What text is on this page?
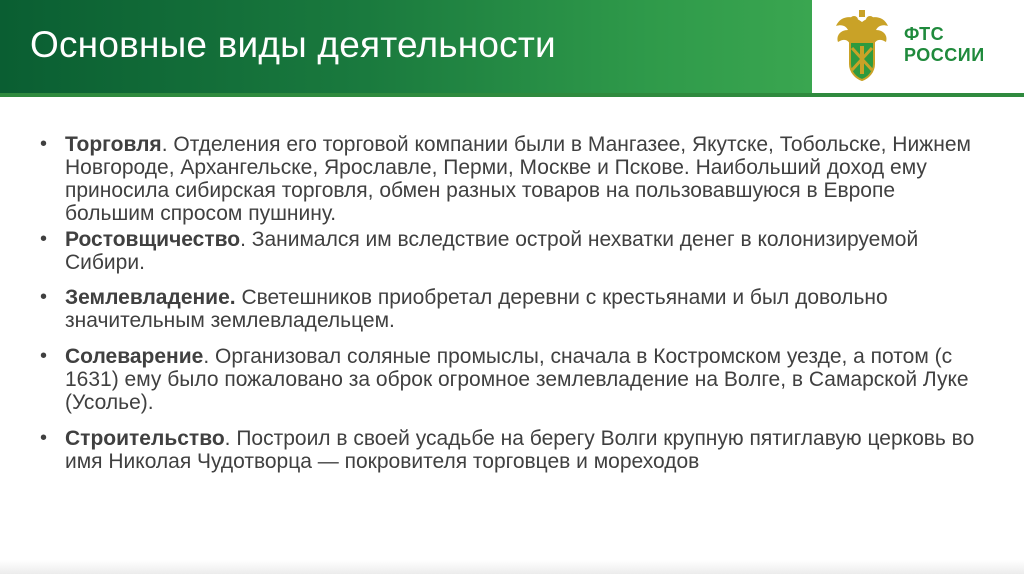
Основные виды деятельности	ФТС
РОССИИ
• Торговля. Отделения его торговой компании были в Мангазее, Якутске, Тобольске, Нижнем Новгороде, Архангельске, Ярославле, Перми, Москве и Пскове. Наибольший доход ему приносила сибирская торговля, обмен разных товаров на пользовавшуюся в Европе большим спросом пушнину.
• Ростовщичество. Занимался им вследствие острой нехватки денег в колонизируемой Сибири.
• Землевладение. Светешников приобретал деревни с крестьянами и был довольно значительным землевладельцем.
• Солеварение. Организовал соляные промыслы, сначала в Костромском уезде, а потом (с 1631) ему было пожаловано за оброк огромное землевладение на Волге, в Самарской Луке (Усолье).
• Строительство. Построил в своей усадьбе на берегу Волги крупную пятиглавую церковь во имя Николая Чудотворца — покровителя торговцев и мореходов
